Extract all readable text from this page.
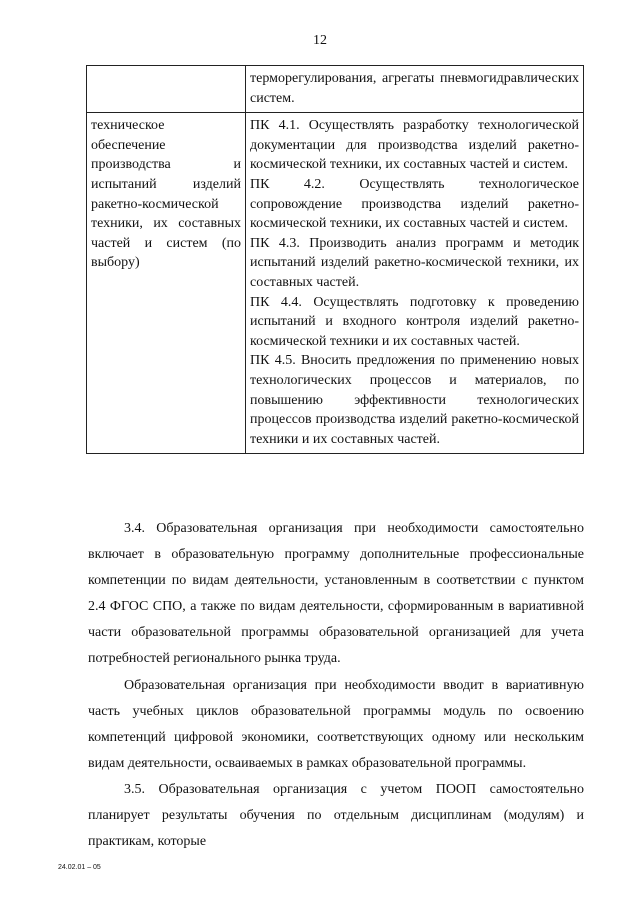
12
	терморегулирования, агрегаты пневмогидравлических систем.
техническое обеспечение производства и испытаний изделий ракетно-космической техники, их составных частей и систем (по выбору)	ПК 4.1. Осуществлять разработку технологической документации для производства изделий ракетно-космической техники, их составных частей и систем.
ПК 4.2. Осуществлять технологическое сопровождение производства изделий ракетно-космической техники, их составных частей и систем.
ПК 4.3. Производить анализ программ и методик испытаний изделий ракетно-космической техники, их составных частей.
ПК 4.4. Осуществлять подготовку к проведению испытаний и входного контроля изделий ракетно-космической техники и их составных частей.
ПК 4.5. Вносить предложения по применению новых технологических процессов и материалов, по повышению эффективности технологических процессов производства изделий ракетно-космической техники и их составных частей.

3.4. Образовательная организация при необходимости самостоятельно включает в образовательную программу дополнительные профессиональные компетенции по видам деятельности, установленным в соответствии с пунктом 2.4 ФГОС СПО, а также по видам деятельности, сформированным в вариативной части образовательной программы образовательной организацией для учета потребностей регионального рынка труда.

Образовательная организация при необходимости вводит в вариативную часть учебных циклов образовательной программы модуль по освоению компетенций цифровой экономики, соответствующих одному или нескольким видам деятельности, осваиваемых в рамках образовательной программы.

3.5. Образовательная организация с учетом ПООП самостоятельно планирует результаты обучения по отдельным дисциплинам (модулям) и практикам, которые

24.02.01 – 05
